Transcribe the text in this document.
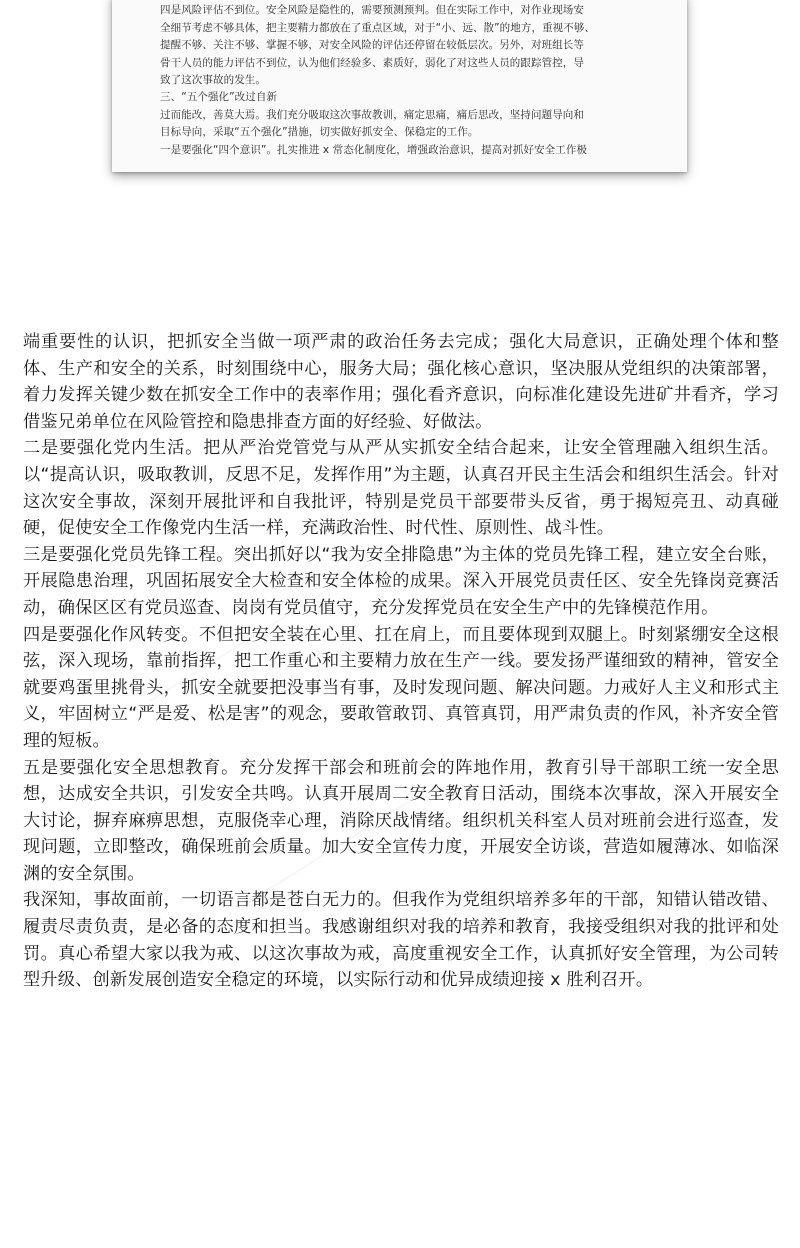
四是风险评估不到位。安全风险是隐性的，需要预测预判。但在实际工作中，对作业现场安
全细节考虑不够具体，把主要精力都放在了重点区域，对于“小、远、散”的地方，重视不够、
提醒不够、关注不够、掌握不够，对安全风险的评估还停留在较低层次。另外，对班组长等
骨干人员的能力评估不到位，认为他们经验多、素质好，弱化了对这些人员的跟踪管控，导
致了这次事故的发生。
三、“五个强化”改过自新
过而能改，善莫大焉。我们充分吸取这次事故教训，痛定思痛，痛后思改，坚持问题导向和
目标导向，采取“五个强化”措施，切实做好抓安全、保稳定的工作。
一是要强化“四个意识”。扎实推进 x 常态化制度化，增强政治意识，提高对抓好安全工作极

端重要性的认识，把抓安全当做一项严肃的政治任务去完成；强化大局意识，正确处理个体和整体、生产和安全的关系，时刻围绕中心，服务大局；强化核心意识，坚决服从党组织的决策部署，着力发挥关键少数在抓安全工作中的表率作用；强化看齐意识，向标准化建设先进矿井看齐，学习借鉴兄弟单位在风险管控和隐患排查方面的好经验、好做法。

二是要强化党内生活。把从严治党管党与从严从实抓安全结合起来，让安全管理融入组织生活。以“提高认识，吸取教训，反思不足，发挥作用”为主题，认真召开民主生活会和组织生活会。针对这次安全事故，深刻开展批评和自我批评，特别是党员干部要带头反省，勇于揭短亮丑、动真碰硬，促使安全工作像党内生活一样，充满政治性、时代性、原则性、战斗性。

三是要强化党员先锋工程。突出抓好以“我为安全排隐患”为主体的党员先锋工程，建立安全台账，开展隐患治理，巩固拓展安全大检查和安全体检的成果。深入开展党员责任区、安全先锋岗竞赛活动，确保区区有党员巡查、岗岗有党员值守，充分发挥党员在安全生产中的先锋模范作用。

四是要强化作风转变。不但把安全装在心里、扛在肩上，而且要体现到双腿上。时刻紧绷安全这根弦，深入现场，靠前指挥，把工作重心和主要精力放在生产一线。要发扬严谨细致的精神，管安全就要鸡蛋里挑骨头，抓安全就要把没事当有事，及时发现问题、解决问题。力戒好人主义和形式主义，牢固树立“严是爱、松是害”的观念，要敢管敢罚、真管真罚，用严肃负责的作风，补齐安全管理的短板。

五是要强化安全思想教育。充分发挥干部会和班前会的阵地作用，教育引导干部职工统一安全思想，达成安全共识，引发安全共鸣。认真开展周二安全教育日活动，围绕本次事故，深入开展安全大讨论，摒弃麻痹思想，克服侥幸心理，消除厌战情绪。组织机关科室人员对班前会进行巡查，发现问题，立即整改，确保班前会质量。加大安全宣传力度，开展安全访谈，营造如履薄冰、如临深渊的安全氛围。

我深知，事故面前，一切语言都是苍白无力的。但我作为党组织培养多年的干部，知错认错改错、履责尽责负责，是必备的态度和担当。我感谢组织对我的培养和教育，我接受组织对我的批评和处罚。真心希望大家以我为戒、以这次事故为戒，高度重视安全工作，认真抓好安全管理，为公司转型升级、创新发展创造安全稳定的环境，以实际行动和优异成绩迎接 x 胜利召开。
